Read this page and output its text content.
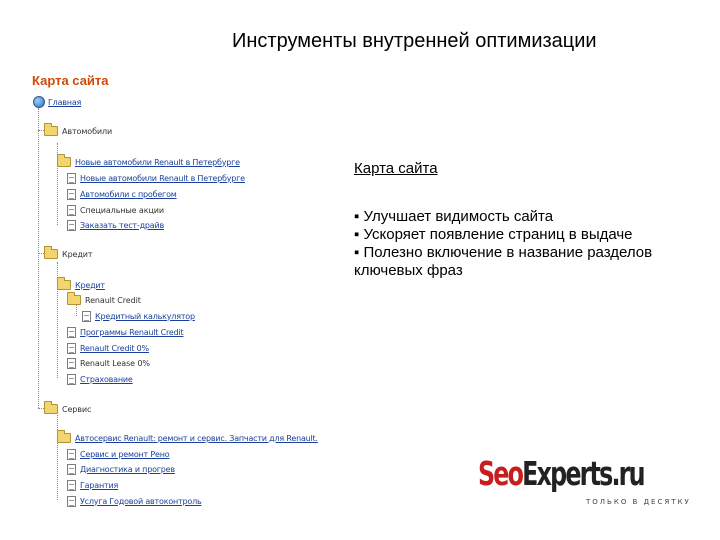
Инструменты внутренней оптимизации
Карта сайта
Главная
Автомобили
Новые автомобили Renault в Петербурге
Новые автомобили Renault в Петербурге
Автомобили с пробегом
Специальные акции
Заказать тест-драйв
Кредит
Кредит
Renault Credit
Кредитный калькулятор
Программы Renault Credit
Renault Credit 0%
Renault Lease 0%
Страхование
Сервис
Автосервис Renault: ремонт и сервис. Запчасти для Renault.
Сервис и ремонт Рено
Диагностика и прогрев
Гарантия
Услуга Годовой автоконтроль
Карта сайта

▪ Улучшает видимость сайта

▪ Ускоряет появление страниц в выдаче

▪ Полезно включение в название разделов ключевых фраз

SeoExperts.ru
ТОЛЬКО В ДЕСЯТКУ
